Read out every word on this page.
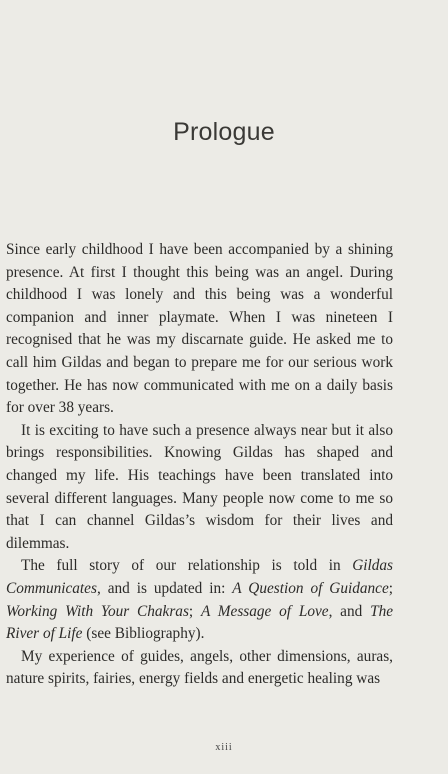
Prologue

Since early childhood I have been accompanied by a shining presence. At first I thought this being was an angel. During childhood I was lonely and this being was a wonderful companion and inner playmate. When I was nineteen I recognised that he was my discarnate guide. He asked me to call him Gildas and began to prepare me for our serious work together. He has now communicated with me on a daily basis for over 38 years.

It is exciting to have such a presence always near but it also brings responsibilities. Knowing Gildas has shaped and changed my life. His teachings have been translated into several different languages. Many people now come to me so that I can channel Gildas’s wisdom for their lives and dilemmas.

The full story of our relationship is told in Gildas Communicates, and is updated in: A Question of Guidance; Working With Your Chakras; A Message of Love, and The River of Life (see Bibliography).

My experience of guides, angels, other dimensions, auras, nature spirits, fairies, energy fields and energetic healing was

xiii
